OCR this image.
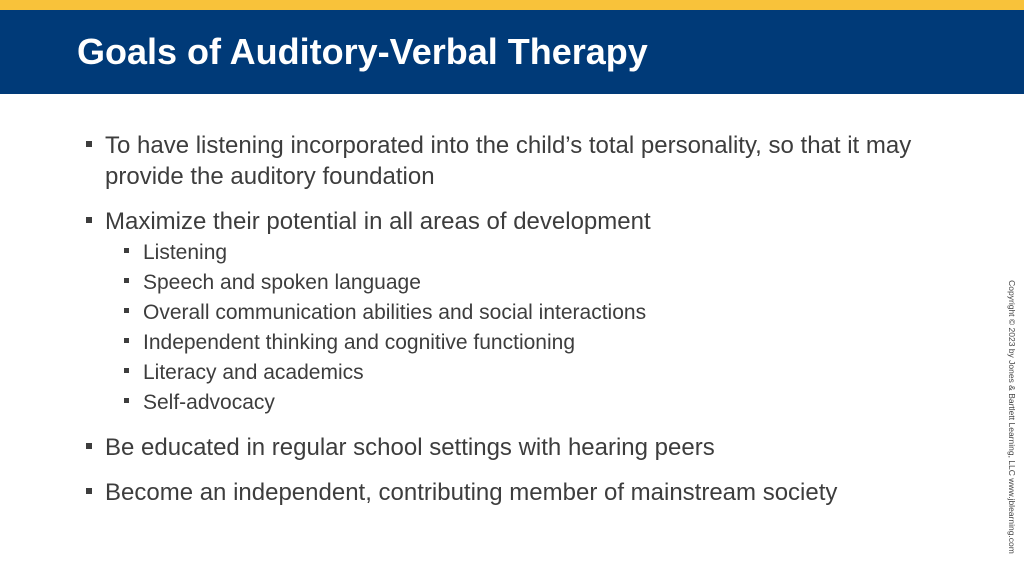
Goals of Auditory-Verbal Therapy
To have listening incorporated into the child’s total personality, so that it may provide the auditory foundation
Maximize their potential in all areas of development
Listening
Speech and spoken language
Overall communication abilities and social interactions
Independent thinking and cognitive functioning
Literacy and academics
Self-advocacy
Be educated in regular school settings with hearing peers
Become an independent, contributing member of mainstream society	Copyright © 2023 by Jones & Bartlett Learning, LLC www.jblearning.com
